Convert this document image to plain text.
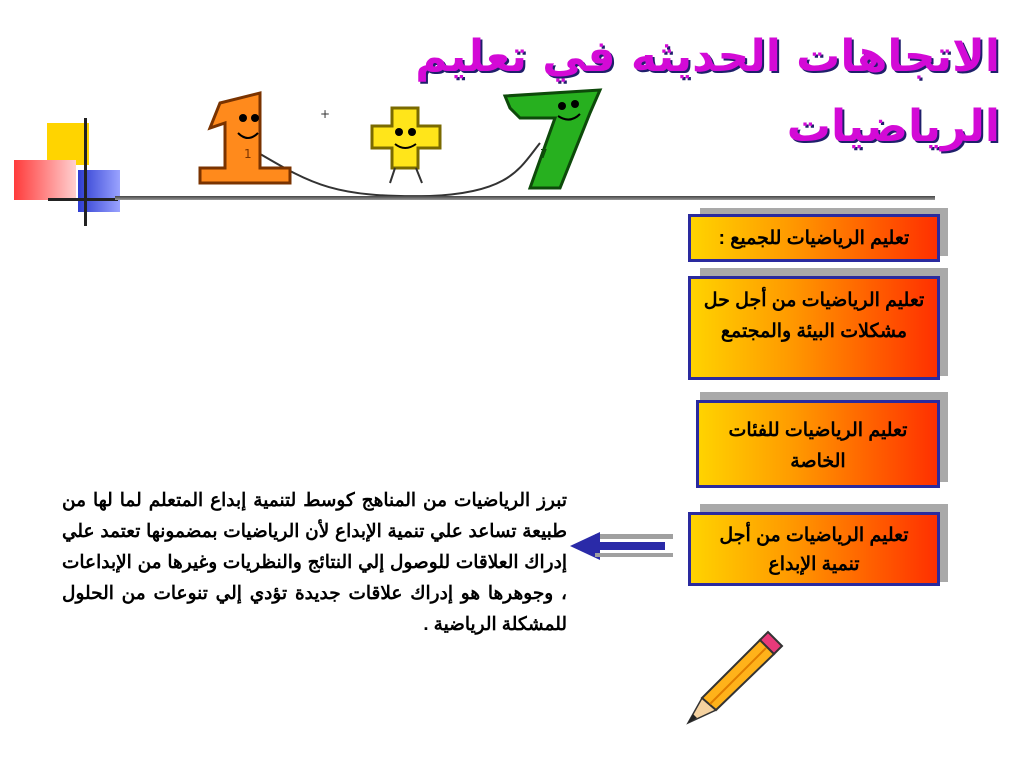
الاتجاهات الحديثه في تعليم الرياضيات
1
+
7
تعليم الرياضيات للجميع :
تعليم الرياضيات من أجل حل مشكلات البيئة والمجتمع
تعليم الرياضيات للفئات الخاصة
تعليم الرياضيات من أجل تنمية الإبداع
تبرز الرياضيات من المناهج كوسط لتنمية إبداع المتعلم لما لها من طبيعة تساعد علي تنمية الإبداع لأن الرياضيات بمضمونها تعتمد علي إدراك العلاقات للوصول إلي النتائج والنظريات وغيرها من الإبداعات ، وجوهرها هو إدراك علاقات جديدة تؤدي إلي تنوعات من الحلول للمشكلة الرياضية .
